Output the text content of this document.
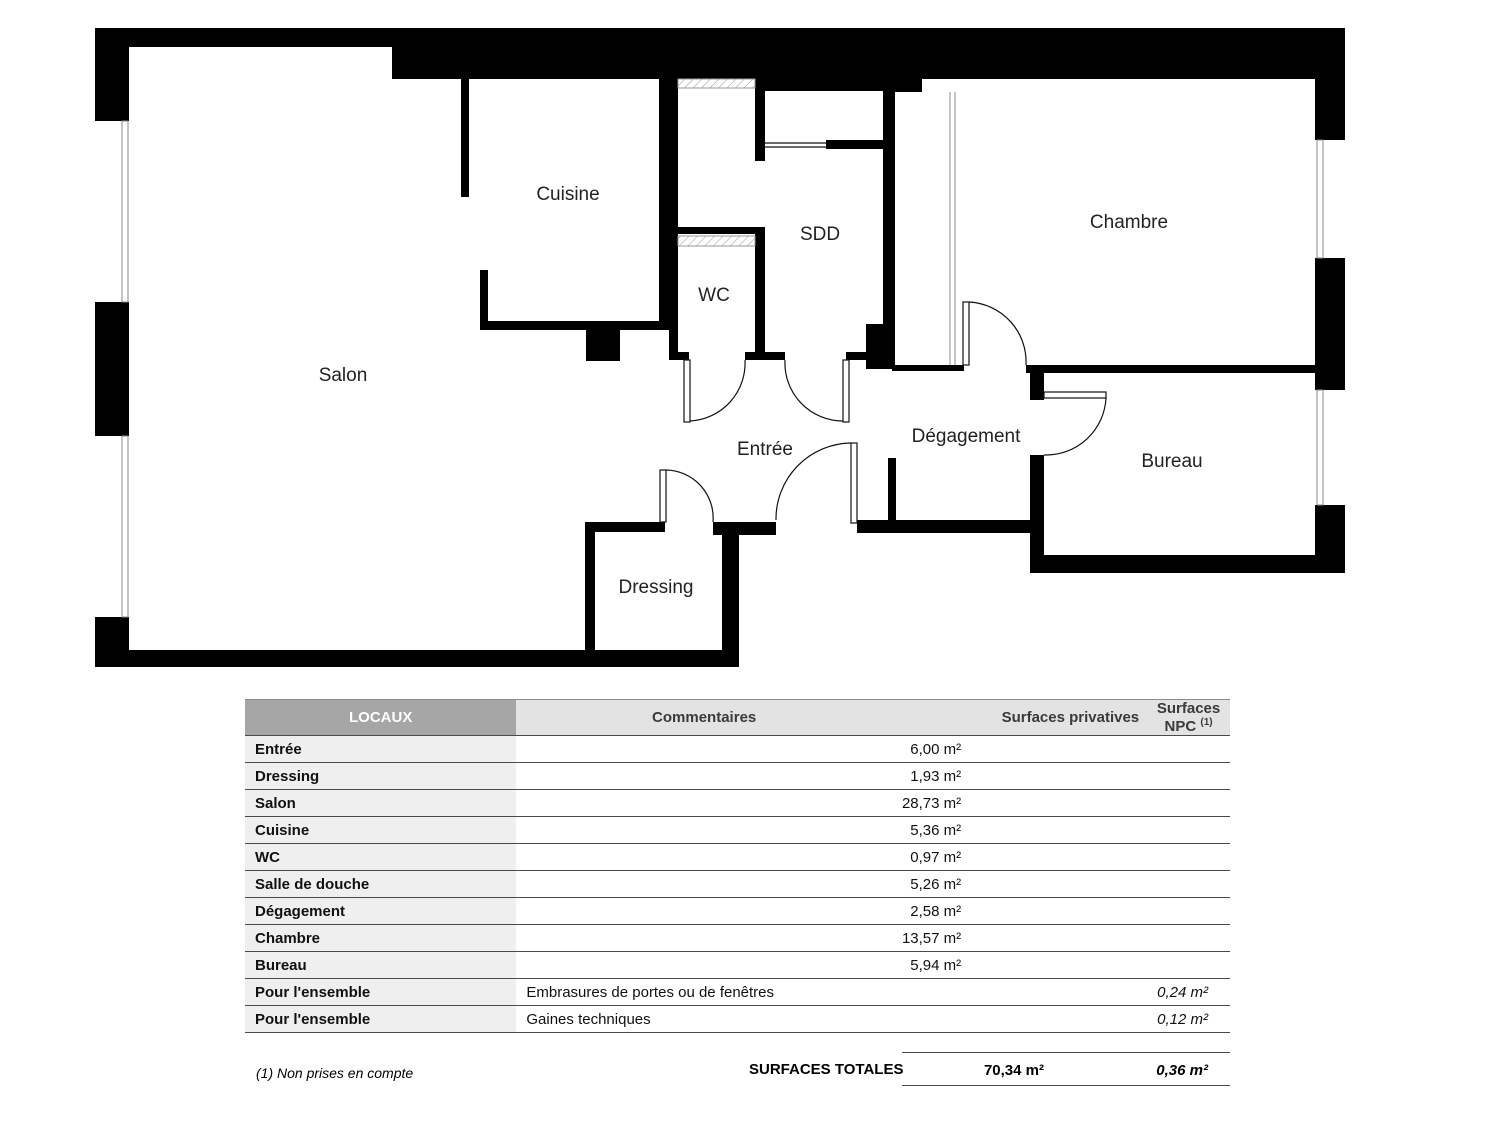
Salon
Cuisine
SDD
WC
Chambre
Entrée
Dégagement
Bureau
Dressing
LOCAUX	Commentaires	Surfaces privatives	Surfaces NPC $^{(1)}$
Entrée		6,00 m²	
Dressing		1,93 m²	
Salon		28,73 m²	
Cuisine		5,36 m²	
WC		0,97 m²	
Salle de douche		5,26 m²	
Dégagement		2,58 m²	
Chambre		13,57 m²	
Bureau		5,94 m²	
Pour l'ensemble	Embrasures de portes ou de fenêtres		0,24 m²
Pour l'ensemble	Gaines techniques		0,12 m²
(1) Non prises en compte	SURFACES TOTALES	70,34 m²	0,36 m²
